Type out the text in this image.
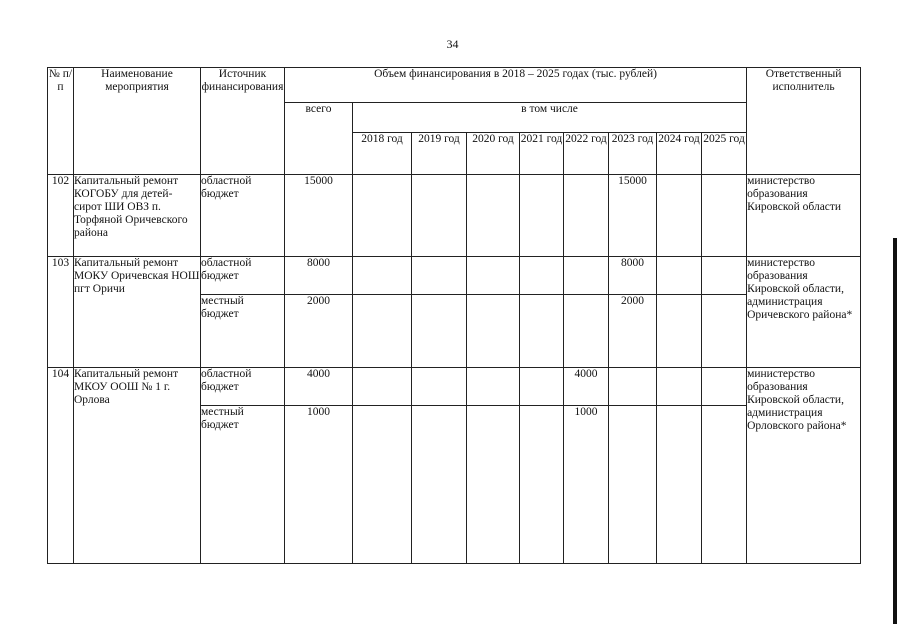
34
№ п/п	Наименование мероприятия	Источник финансирования	Объем финансирования в 2018 – 2025 годах (тыс. рублей)									Ответственный исполнитель
			всего	в том числе								
				2018 год	2019 год	2020 год	2021 год	2022 год	2023 год	2024 год	2025 год	
102	Капитальный ремонт КОГОБУ для детей-сирот ШИ ОВЗ п. Торфяной Оричевского района	областной бюджет	15000						15000			министерство образования Кировской области
103	Капитальный ремонт МОКУ Оричевская НОШ пгт Оричи	областной бюджет	8000						8000			министерство образования Кировской области, администрация Оричевского района*
		местный бюджет	2000						2000			
104	Капитальный ремонт МКОУ ООШ № 1 г. Орлова	областной бюджет	4000					4000				министерство образования Кировской области, администрация Орловского района*
		местный бюджет	1000					1000				
